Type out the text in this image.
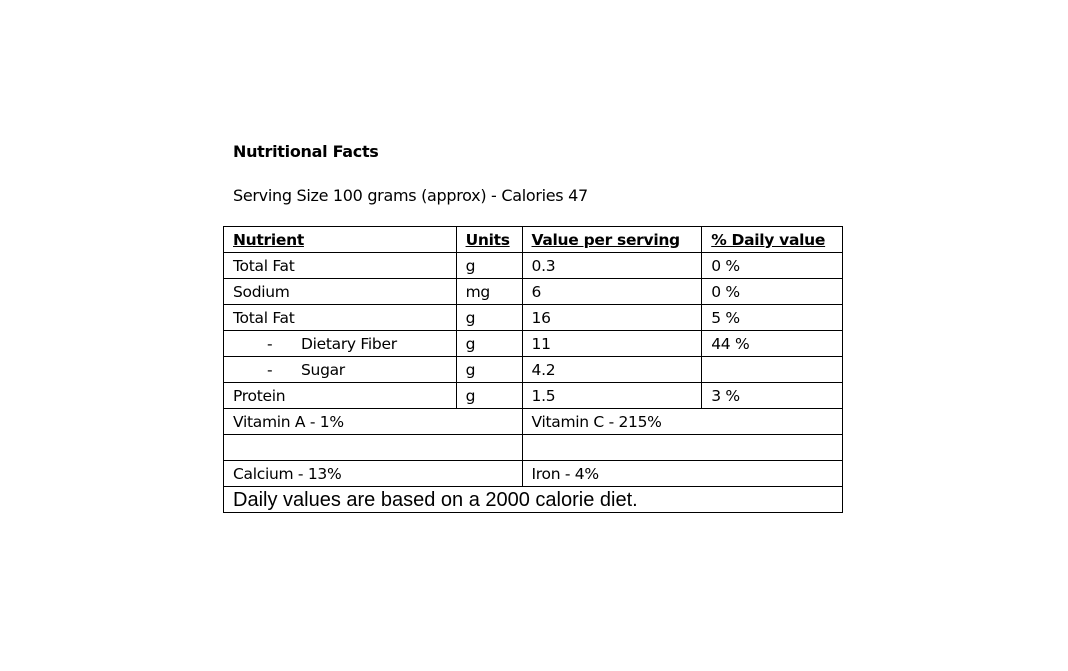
Nutritional Facts
Serving Size 100 grams (approx) - Calories 47
Nutrient	Units	Value per serving	% Daily value
Total Fat	g	0.3	0 %
Sodium	mg	6	0 %
Total Fat	g	16	5 %
- Dietary Fiber	g	11	44 %
- Sugar	g	4.2	
Protein	g	1.5	3 %
Vitamin A - 1%		Vitamin C - 215%	

Calcium - 13%		Iron - 4%	
Daily values are based on a 2000 calorie diet.			
